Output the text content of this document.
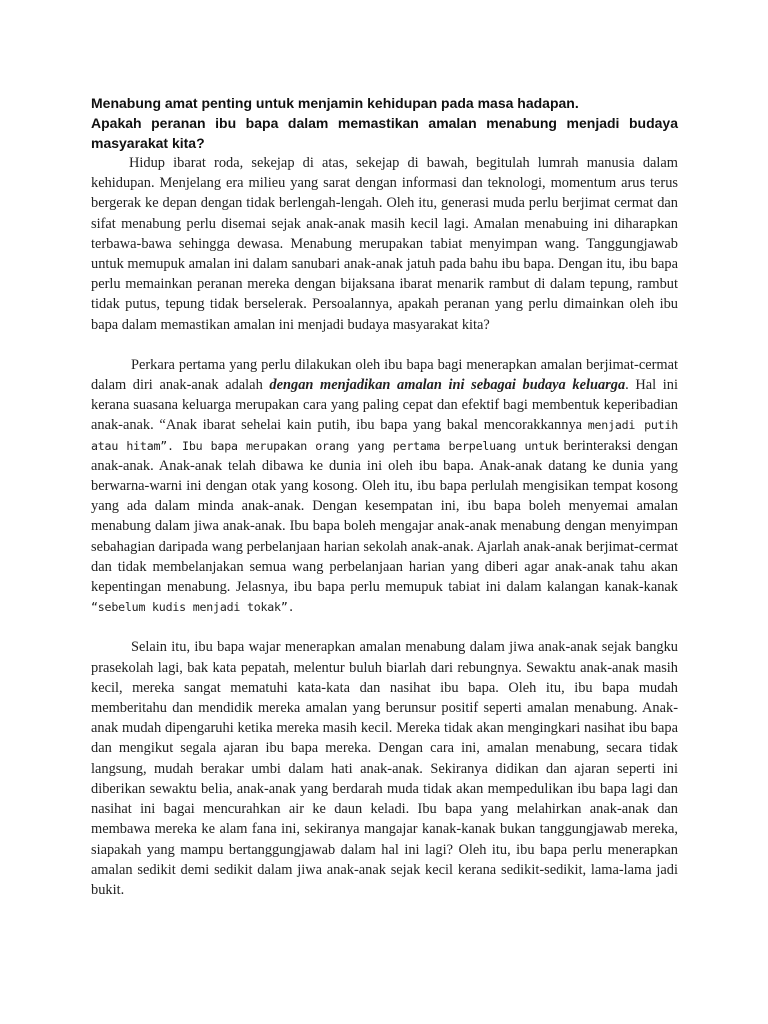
Menabung amat penting untuk menjamin kehidupan pada masa hadapan.

Apakah peranan ibu bapa dalam memastikan amalan menabung menjadi budaya masyarakat kita?

Hidup ibarat roda, sekejap di atas, sekejap di bawah, begitulah lumrah manusia dalam kehidupan. Menjelang era milieu yang sarat dengan informasi dan teknologi, momentum arus terus bergerak ke depan dengan tidak berlengah-lengah. Oleh itu, generasi muda perlu berjimat cermat dan sifat menabung perlu disemai sejak anak-anak masih kecil lagi. Amalan menabuing ini diharapkan terbawa-bawa sehingga dewasa. Menabung merupakan tabiat menyimpan wang. Tanggungjawab untuk memupuk amalan ini dalam sanubari anak-anak jatuh pada bahu ibu bapa. Dengan itu, ibu bapa perlu memainkan peranan mereka dengan bijaksana ibarat menarik rambut di dalam tepung, rambut tidak putus, tepung tidak berselerak. Persoalannya, apakah peranan yang perlu dimainkan oleh ibu bapa dalam memastikan amalan ini menjadi budaya masyarakat kita?

Perkara pertama yang perlu dilakukan oleh ibu bapa bagi menerapkan amalan berjimat-cermat dalam diri anak-anak adalah dengan menjadikan amalan ini sebagai budaya keluarga. Hal ini kerana suasana keluarga merupakan cara yang paling cepat dan efektif bagi membentuk keperibadian anak-anak. “Anak ibarat sehelai kain putih, ibu bapa yang bakal mencorakkannya menjadi putih atau hitam”. Ibu bapa merupakan orang yang pertama berpeluang untuk berinteraksi dengan anak-anak. Anak-anak telah dibawa ke dunia ini oleh ibu bapa. Anak-anak datang ke dunia yang berwarna-warni ini dengan otak yang kosong. Oleh itu, ibu bapa perlulah mengisikan tempat kosong yang ada dalam minda anak-anak. Dengan kesempatan ini, ibu bapa boleh menyemai amalan menabung dalam jiwa anak-anak. Ibu bapa boleh mengajar anak-anak menabung dengan menyimpan sebahagian daripada wang perbelanjaan harian sekolah anak-anak. Ajarlah anak-anak berjimat-cermat dan tidak membelanjakan semua wang perbelanjaan harian yang diberi agar anak-anak tahu akan kepentingan menabung. Jelasnya, ibu bapa perlu memupuk tabiat ini dalam kalangan kanak-kanak “sebelum kudis menjadi tokak”.

Selain itu, ibu bapa wajar menerapkan amalan menabung dalam jiwa anak-anak sejak bangku prasekolah lagi, bak kata pepatah, melentur buluh biarlah dari rebungnya. Sewaktu anak-anak masih kecil, mereka sangat mematuhi kata-kata dan nasihat ibu bapa. Oleh itu, ibu bapa mudah memberitahu dan mendidik mereka amalan yang berunsur positif seperti amalan menabung. Anak-anak mudah dipengaruhi ketika mereka masih kecil. Mereka tidak akan mengingkari nasihat ibu bapa dan mengikut segala ajaran ibu bapa mereka. Dengan cara ini, amalan menabung, secara tidak langsung, mudah berakar umbi dalam hati anak-anak. Sekiranya didikan dan ajaran seperti ini diberikan sewaktu belia, anak-anak yang berdarah muda tidak akan mempedulikan ibu bapa lagi dan nasihat ini bagai mencurahkan air ke daun keladi. Ibu bapa yang melahirkan anak-anak dan membawa mereka ke alam fana ini, sekiranya mangajar kanak-kanak bukan tanggungjawab mereka, siapakah yang mampu bertanggungjawab dalam hal ini lagi? Oleh itu, ibu bapa perlu menerapkan amalan sedikit demi sedikit dalam jiwa anak-anak sejak kecil kerana sedikit-sedikit, lama-lama jadi bukit.
